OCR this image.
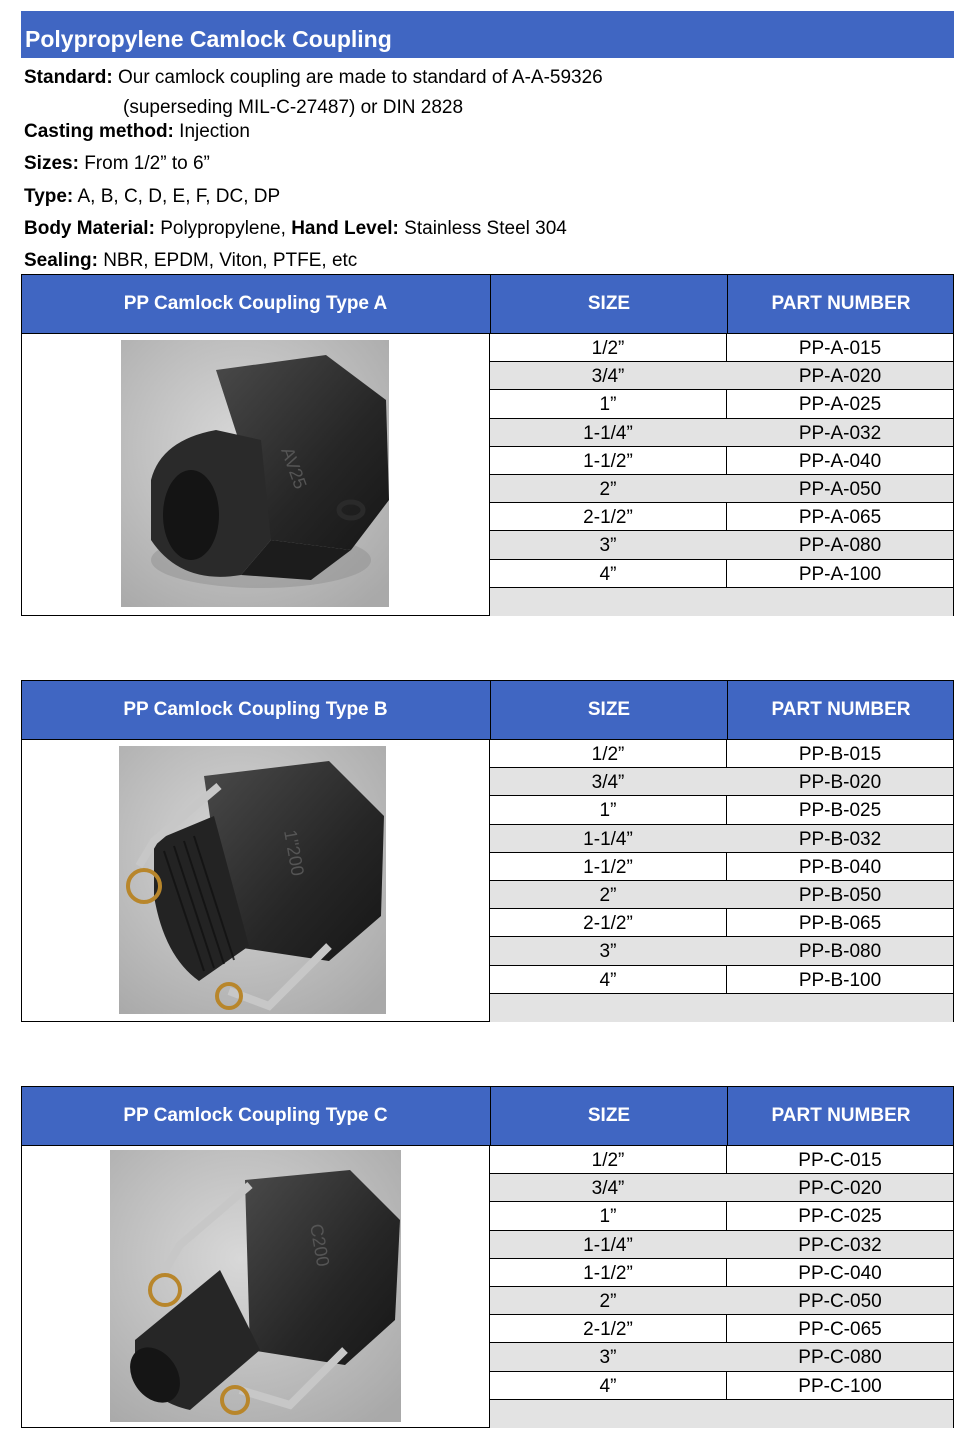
Polypropylene Camlock Coupling
Standard: Our camlock coupling are made to standard of A-A-59326
(superseding MIL-C-27487) or DIN 2828
Casting method: Injection
Sizes: From 1/2” to 6”
Type: A, B, C, D, E, F, DC, DP
Body Material: Polypropylene, Hand Level: Stainless Steel 304
Sealing: NBR, EPDM, Viton, PTFE, etc
PP Camlock Coupling Type A	SIZE	PART NUMBER
AV25
1/2”	PP-A-015
3/4”	PP-A-020
1”	PP-A-025
1-1/4”	PP-A-032
1-1/2”	PP-A-040
2”	PP-A-050
2-1/2”	PP-A-065
3”	PP-A-080
4”	PP-A-100
PP Camlock Coupling Type B	SIZE	PART NUMBER
1"200
1/2”	PP-B-015
3/4”	PP-B-020
1”	PP-B-025
1-1/4”	PP-B-032
1-1/2”	PP-B-040
2”	PP-B-050
2-1/2”	PP-B-065
3”	PP-B-080
4”	PP-B-100
PP Camlock Coupling Type C	SIZE	PART NUMBER
C200
1/2”	PP-C-015
3/4”	PP-C-020
1”	PP-C-025
1-1/4”	PP-C-032
1-1/2”	PP-C-040
2”	PP-C-050
2-1/2”	PP-C-065
3”	PP-C-080
4”	PP-C-100
